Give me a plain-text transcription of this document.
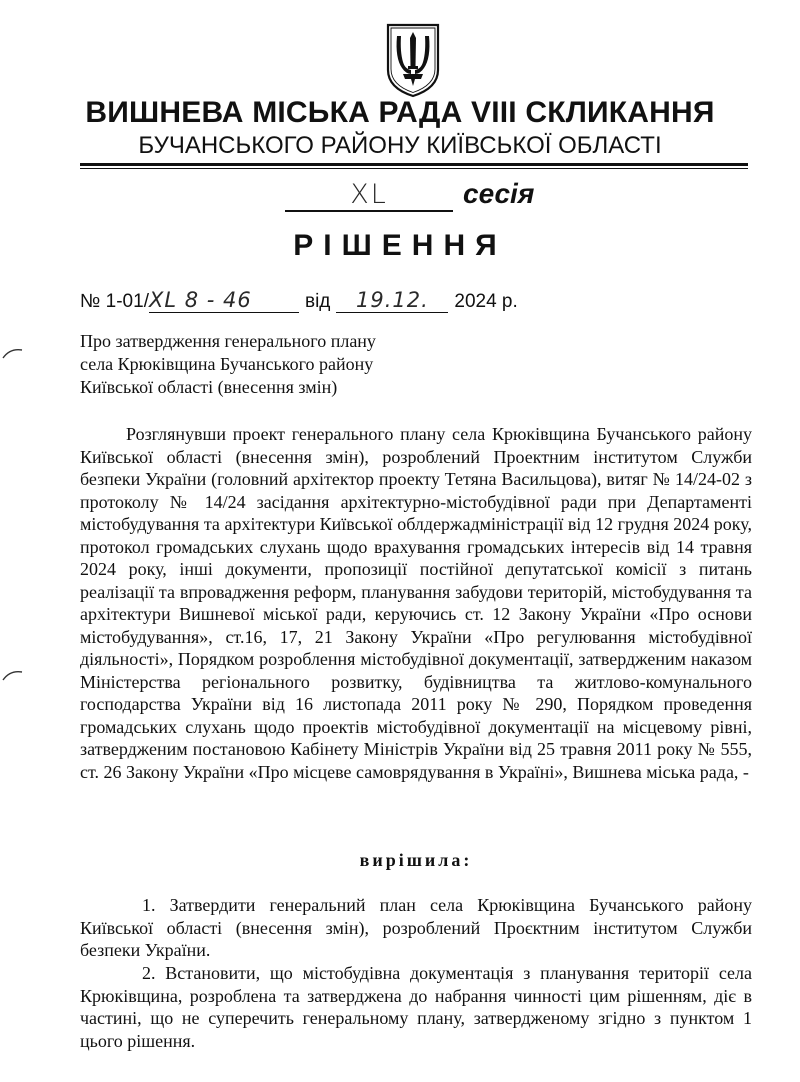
ВИШНЕВА МІСЬКА РАДА VIII СКЛИКАННЯ
БУЧАНСЬКОГО РАЙОНУ КИЇВСЬКОЇ ОБЛАСТІ
XL	сесія
РІШЕННЯ
№ 1-01/XL 8 - 46	від 19.12. 2024 р.
Про затвердження генерального плану
села Крюківщина Бучанського району
Київської області (внесення змін)

Розглянувши проект генерального плану села Крюківщина Бучанського району Київської області (внесення змін), розроблений Проектним інститутом Служби безпеки України (головний архітектор проекту Тетяна Васильцова), витяг № 14/24-02 з протоколу № 14/24 засідання архітектурно-містобудівної ради при Департаменті містобудування та архітектури Київської облдержадміністрації від 12 грудня 2024 року, протокол громадських слухань щодо врахування громадських інтересів від 14 травня 2024 року, інші документи, пропозиції постійної депутатської комісії з питань реалізації та впровадження реформ, планування забудови територій, містобудування та архітектури Вишневої міської ради, керуючись ст. 12 Закону України «Про основи містобудування», ст.16, 17, 21 Закону України «Про регулювання містобудівної діяльності», Порядком розроблення містобудівної документації, затвердженим наказом Міністерства регіонального розвитку, будівництва та житлово-комунального господарства України від 16 листопада 2011 року № 290, Порядком проведення громадських слухань щодо проектів містобудівної документації на місцевому рівні, затвердженим постановою Кабінету Міністрів України від 25 травня 2011 року № 555, ст. 26 Закону України «Про місцеве самоврядування в Україні», Вишнева міська рада, -

вирішила:

1. Затвердити генеральний план села Крюківщина Бучанського району Київської області (внесення змін), розроблений Проєктним інститутом Служби безпеки України.

2. Встановити, що містобудівна документація з планування території села Крюківщина, розроблена та затверджена до набрання чинності цим рішенням, діє в частині, що не суперечить генеральному плану, затвердженому згідно з пунктом 1 цього рішення.
